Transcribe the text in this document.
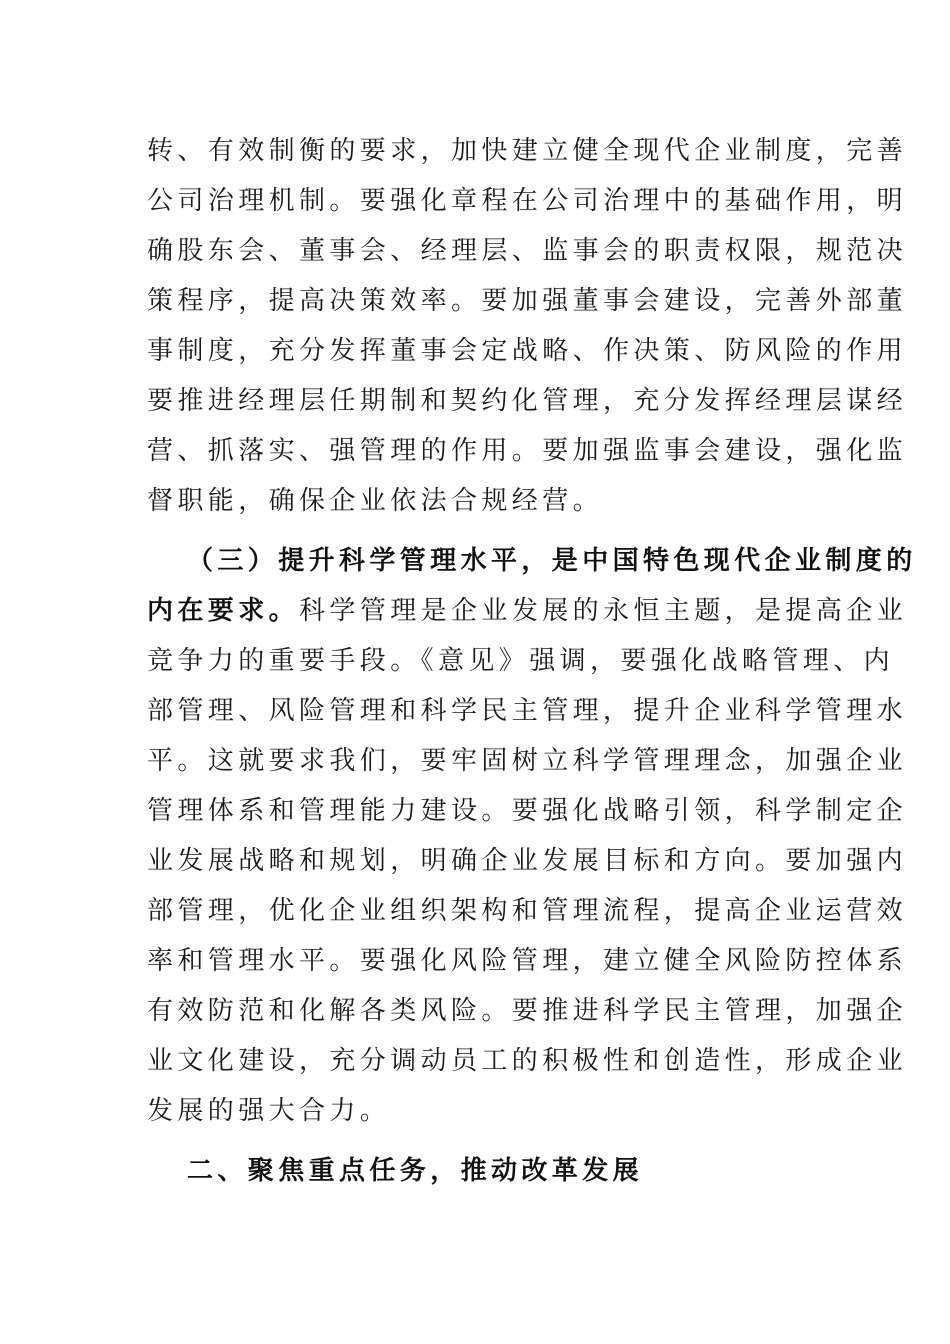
转、有效制衡的要求，加快建立健全现代企业制度，完善
公司治理机制。要强化章程在公司治理中的基础作用，明
确股东会、董事会、经理层、监事会的职责权限，规范决
策程序，提高决策效率。要加强董事会建设，完善外部董
事制度，充分发挥董事会定战略、作决策、防风险的作用
要推进经理层任期制和契约化管理，充分发挥经理层谋经
营、抓落实、强管理的作用。要加强监事会建设，强化监
督职能，确保企业依法合规经营。
（三）提升科学管理水平，是中国特色现代企业制度的
内在要求。科学管理是企业发展的永恒主题，是提高企业
竞争力的重要手段。《意见》强调，要强化战略管理、内
部管理、风险管理和科学民主管理，提升企业科学管理水
平。这就要求我们，要牢固树立科学管理理念，加强企业
管理体系和管理能力建设。要强化战略引领，科学制定企
业发展战略和规划，明确企业发展目标和方向。要加强内
部管理，优化企业组织架构和管理流程，提高企业运营效
率和管理水平。要强化风险管理，建立健全风险防控体系
有效防范和化解各类风险。要推进科学民主管理，加强企
业文化建设，充分调动员工的积极性和创造性，形成企业
发展的强大合力。
二、聚焦重点任务，推动改革发展
